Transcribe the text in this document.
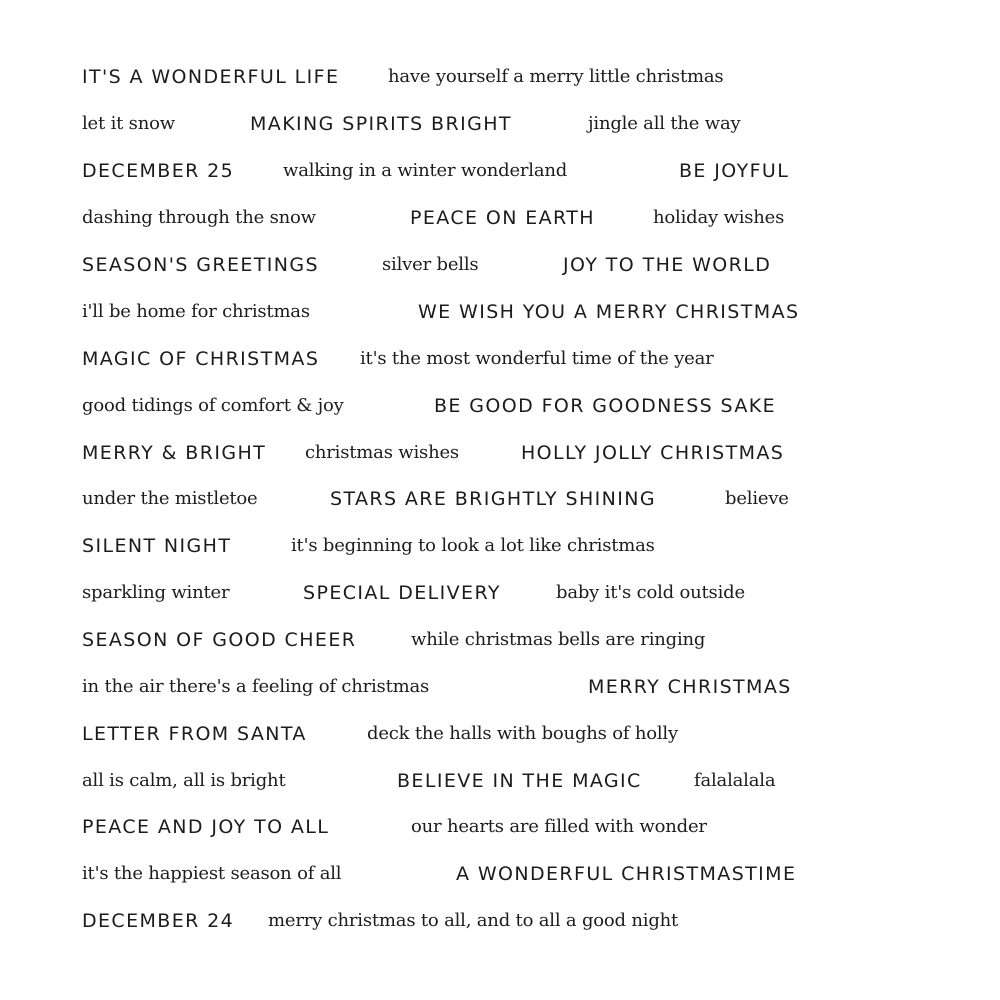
IT'S A WONDERFUL LIFE	have yourself a merry little christmas
let it snow	MAKING SPIRITS BRIGHT	jingle all the way
DECEMBER 25	walking in a winter wonderland	BE JOYFUL
dashing through the snow	PEACE ON EARTH	holiday wishes
SEASON'S GREETINGS	silver bells	JOY TO THE WORLD
i'll be home for christmas	WE WISH YOU A MERRY CHRISTMAS
MAGIC OF CHRISTMAS it's the most wonderful time of the year
good tidings of comfort & joy	BE GOOD FOR GOODNESS SAKE
MERRY & BRIGHT christmas wishes	HOLLY JOLLY CHRISTMAS
under the mistletoe	STARS ARE BRIGHTLY SHINING	believe
SILENT NIGHT	it's beginning to look a lot like christmas
sparkling winter	SPECIAL DELIVERY	baby it's cold outside
SEASON OF GOOD CHEER	while christmas bells are ringing
in the air there's a feeling of christmas	MERRY CHRISTMAS
LETTER FROM SANTA	deck the halls with boughs of holly
all is calm, all is bright	BELIEVE IN THE MAGIC	falalalala
PEACE AND JOY TO ALL	our hearts are filled with wonder
it's the happiest season of all	A WONDERFUL CHRISTMASTIME
DECEMBER 24 merry christmas to all, and to all a good night
